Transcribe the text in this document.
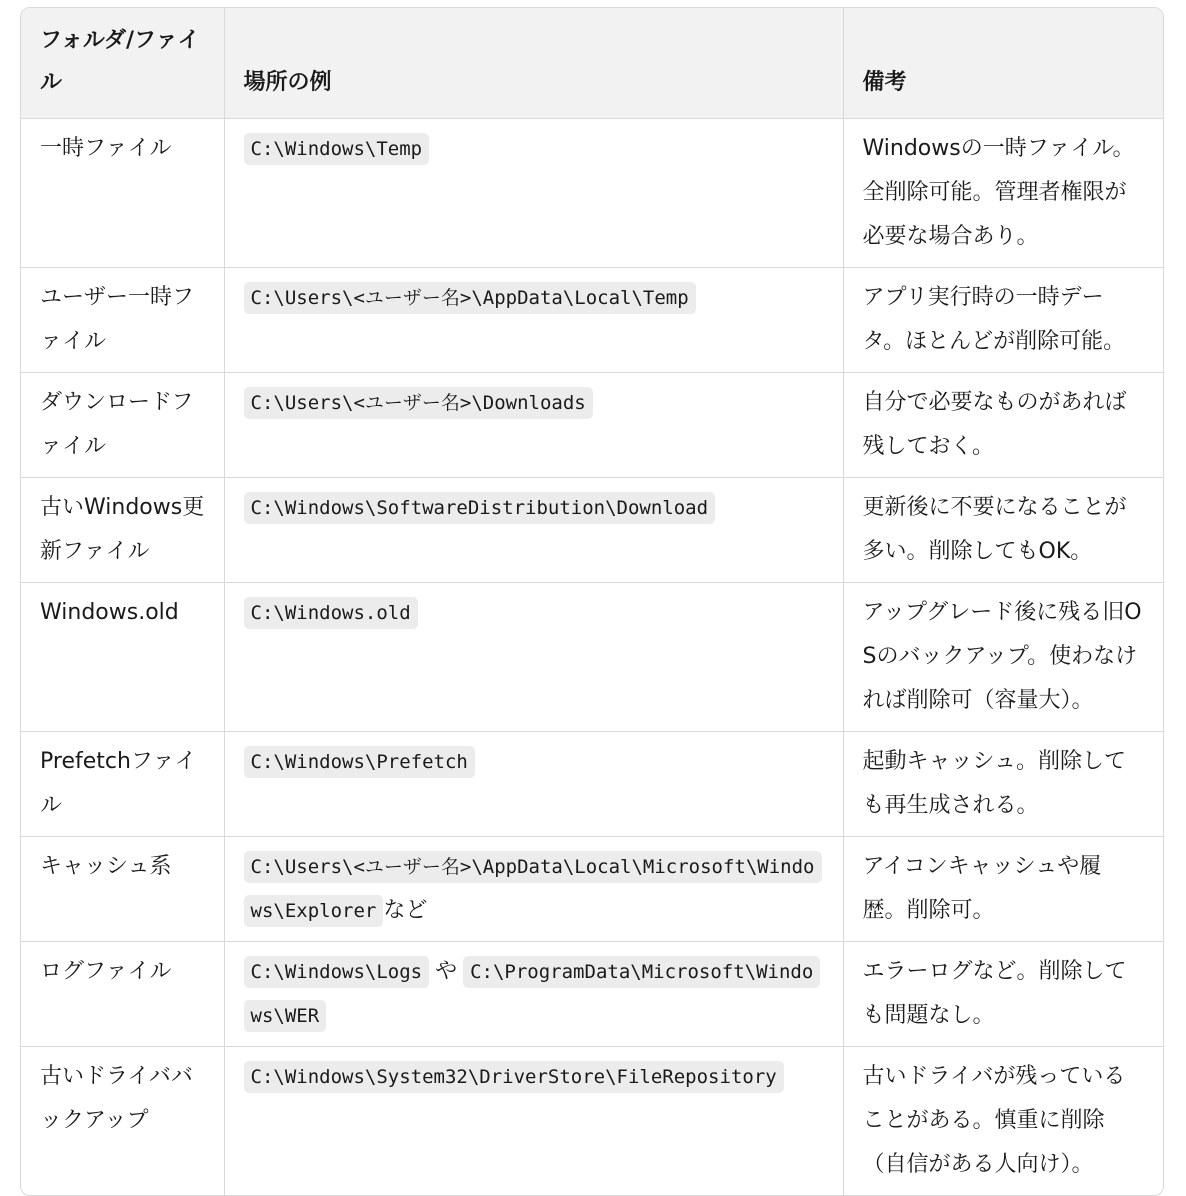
フォルダ/ファイル	場所の例	備考
一時ファイル	C:\Windows\Temp	Windowsの一時ファイル。全削除可能。管理者権限が必要な場合あり。
ユーザー一時ファイル	C:\Users\<ユーザー名>\AppData\Local\Temp	アプリ実行時の一時データ。ほとんどが削除可能。
ダウンロードファイル	C:\Users\<ユーザー名>\Downloads	自分で必要なものがあれば残しておく。
古いWindows更新ファイル	C:\Windows\SoftwareDistribution\Download	更新後に不要になることが多い。削除してもOK。
Windows.old	C:\Windows.old	アップグレード後に残る旧OSのバックアップ。使わなければ削除可（容量大）。
Prefetchファイル	C:\Windows\Prefetch	起動キャッシュ。削除しても再生成される。
キャッシュ系	C:\Users\<ユーザー名>\AppData\Local\Microsoft\Windows\Explorer など	アイコンキャッシュや履歴。削除可。
ログファイル	C:\Windows\Logs や C:\ProgramData\Microsoft\Windows\WER	エラーログなど。削除しても問題なし。
古いドライババックアップ	C:\Windows\System32\DriverStore\FileRepository	古いドライバが残っていることがある。慎重に削除（自信がある人向け）。
